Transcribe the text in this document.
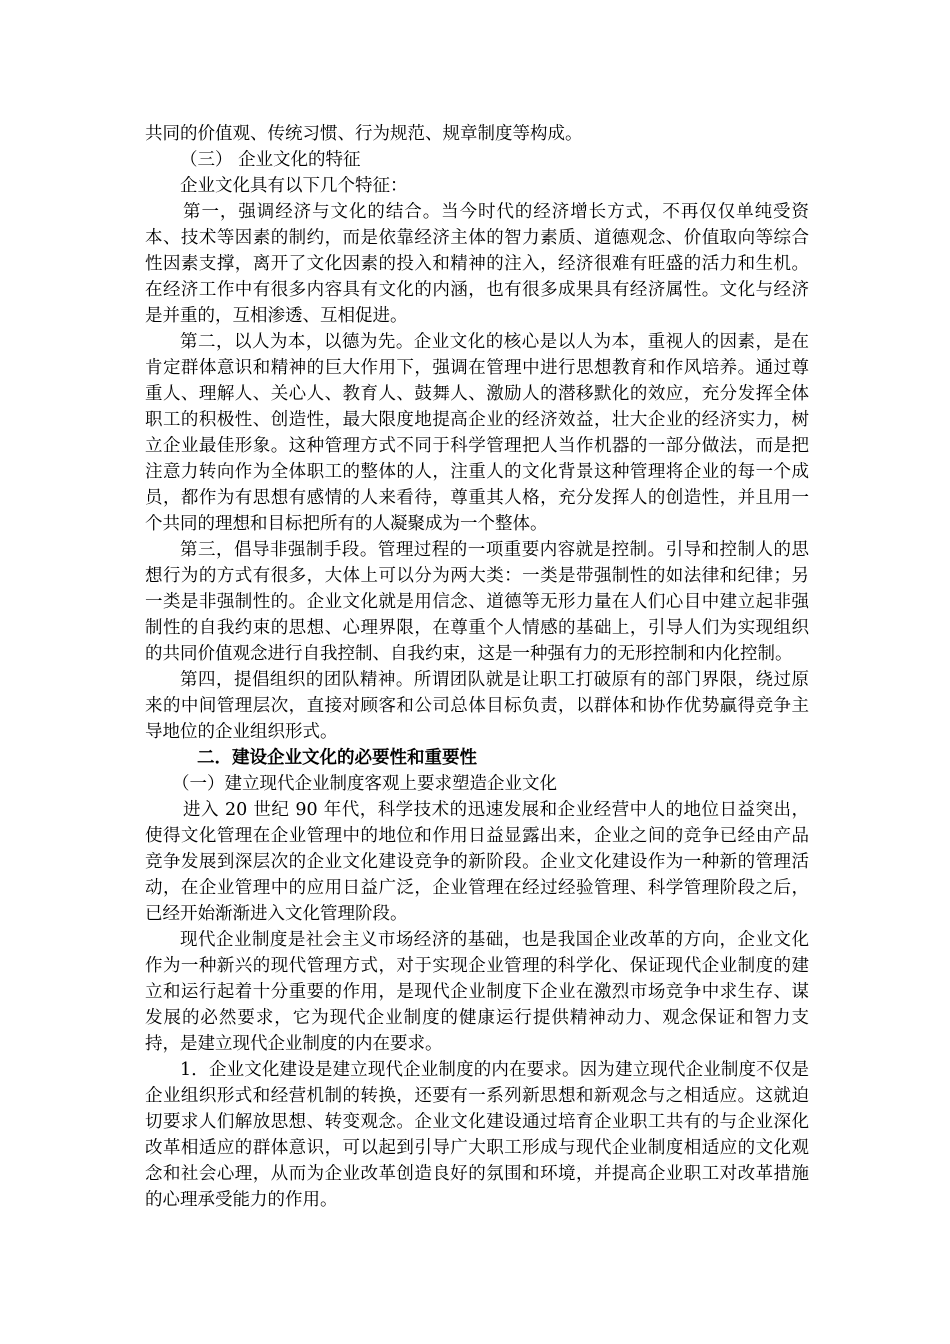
共同的价值观、传统习惯、行为规范、规章制度等构成。

（三） 企业文化的特征

企业文化具有以下几个特征：

第一，强调经济与文化的结合。当今时代的经济增长方式，不再仅仅单纯受资本、技术等因素的制约，而是依靠经济主体的智力素质、道德观念、价值取向等综合性因素支撑，离开了文化因素的投入和精神的注入，经济很难有旺盛的活力和生机。在经济工作中有很多内容具有文化的内涵，也有很多成果具有经济属性。文化与经济是并重的，互相渗透、互相促进。

第二，以人为本，以德为先。企业文化的核心是以人为本，重视人的因素，是在肯定群体意识和精神的巨大作用下，强调在管理中进行思想教育和作风培养。通过尊重人、理解人、关心人、教育人、鼓舞人、激励人的潜移默化的效应，充分发挥全体职工的积极性、创造性，最大限度地提高企业的经济效益，壮大企业的经济实力，树立企业最佳形象。这种管理方式不同于科学管理把人当作机器的一部分做法，而是把注意力转向作为全体职工的整体的人，注重人的文化背景这种管理将企业的每一个成员，都作为有思想有感情的人来看待，尊重其人格，充分发挥人的创造性，并且用一个共同的理想和目标把所有的人凝聚成为一个整体。

第三，倡导非强制手段。管理过程的一项重要内容就是控制。引导和控制人的思想行为的方式有很多，大体上可以分为两大类：一类是带强制性的如法律和纪律；另一类是非强制性的。企业文化就是用信念、道德等无形力量在人们心目中建立起非强制性的自我约束的思想、心理界限，在尊重个人情感的基础上，引导人们为实现组织的共同价值观念进行自我控制、自我约束，这是一种强有力的无形控制和内化控制。

第四，提倡组织的团队精神。所谓团队就是让职工打破原有的部门界限，绕过原来的中间管理层次，直接对顾客和公司总体目标负责，以群体和协作优势赢得竞争主导地位的企业组织形式。

二．建设企业文化的必要性和重要性

（一）建立现代企业制度客观上要求塑造企业文化

进入 20 世纪 90 年代，科学技术的迅速发展和企业经营中人的地位日益突出，使得文化管理在企业管理中的地位和作用日益显露出来，企业之间的竞争已经由产品竞争发展到深层次的企业文化建设竞争的新阶段。企业文化建设作为一种新的管理活动，在企业管理中的应用日益广泛，企业管理在经过经验管理、科学管理阶段之后，已经开始渐渐进入文化管理阶段。

现代企业制度是社会主义市场经济的基础，也是我国企业改革的方向，企业文化作为一种新兴的现代管理方式，对于实现企业管理的科学化、保证现代企业制度的建立和运行起着十分重要的作用，是现代企业制度下企业在激烈市场竞争中求生存、谋发展的必然要求，它为现代企业制度的健康运行提供精神动力、观念保证和智力支持，是建立现代企业制度的内在要求。

1．企业文化建设是建立现代企业制度的内在要求。因为建立现代企业制度不仅是企业组织形式和经营机制的转换，还要有一系列新思想和新观念与之相适应。这就迫切要求人们解放思想、转变观念。企业文化建设通过培育企业职工共有的与企业深化改革相适应的群体意识，可以起到引导广大职工形成与现代企业制度相适应的文化观念和社会心理，从而为企业改革创造良好的氛围和环境，并提高企业职工对改革措施的心理承受能力的作用。
